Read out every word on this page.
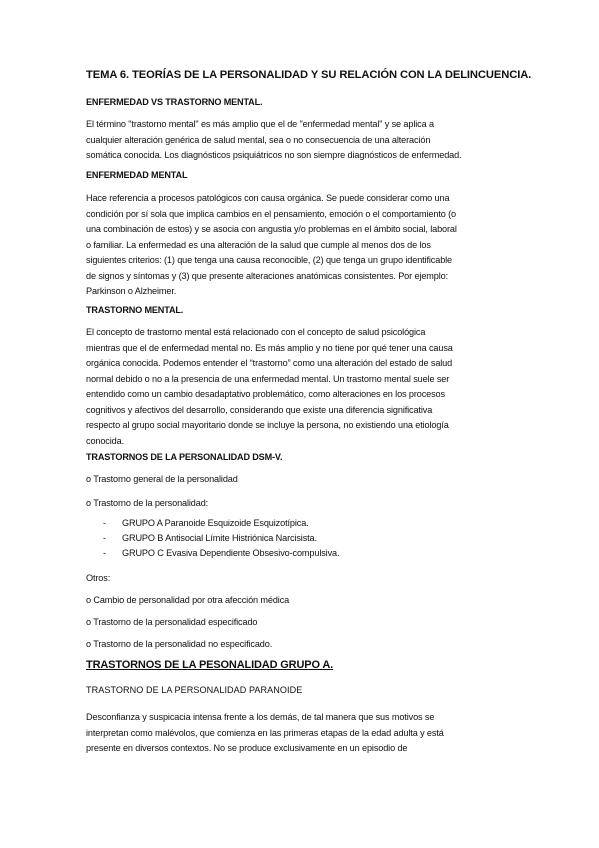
TEMA 6. TEORÍAS DE LA PERSONALIDAD Y SU RELACIÓN CON LA DELINCUENCIA.
ENFERMEDAD VS TRASTORNO MENTAL.
El término "trastorno mental" es más amplio que el de "enfermedad mental" y se aplica a
cualquier alteración genérica de salud mental, sea o no consecuencia de una alteración
somática conocida. Los diagnósticos psiquiátricos no son siempre diagnósticos de enfermedad.
ENFERMEDAD MENTAL
Hace referencia a procesos patológicos con causa orgánica. Se puede considerar como una
condición por sí sola que implica cambios en el pensamiento, emoción o el comportamiento (o
una combinación de estos) y se asocia con angustia y/o problemas en el ámbito social, laboral
o familiar. La enfermedad es una alteración de la salud que cumple al menos dos de los
siguientes criterios: (1) que tenga una causa reconocible, (2) que tenga un grupo identificable
de signos y síntomas y (3) que presente alteraciones anatómicas consistentes. Por ejemplo:
Parkinson o Alzheimer.
TRASTORNO MENTAL.
El concepto de trastorno mental está relacionado con el concepto de salud psicológica
mientras que el de enfermedad mental no. Es más amplio y no tiene por qué tener una causa
orgánica conocida. Podemos entender el “trastorno” como una alteración del estado de salud
normal debido o no a la presencia de una enfermedad mental. Un trastorno mental suele ser
entendido como un cambio desadaptativo problemático, como alteraciones en los procesos
cognitivos y afectivos del desarrollo, considerando que existe una diferencia significativa
respecto al grupo social mayoritario donde se incluye la persona, no existiendo una etiología
conocida.
TRASTORNOS DE LA PERSONALIDAD DSM-V.
o Trastorno general de la personalidad
o Trastorno de la personalidad:
- GRUPO A Paranoide Esquizoide Esquizotípica.
- GRUPO B Antisocial Límite Histriónica Narcisista.
- GRUPO C Evasiva Dependiente Obsesivo-compulsiva.
Otros:
o Cambio de personalidad por otra afección médica
o Trastorno de la personalidad especificado
o Trastorno de la personalidad no especificado.
TRASTORNOS DE LA PESONALIDAD GRUPO A.
TRASTORNO DE LA PERSONALIDAD PARANOIDE
Desconfianza y suspicacia intensa frente a los demás, de tal manera que sus motivos se
interpretan como malévolos, que comienza en las primeras etapas de la edad adulta y está
presente en diversos contextos. No se produce exclusivamente en un episodio de
